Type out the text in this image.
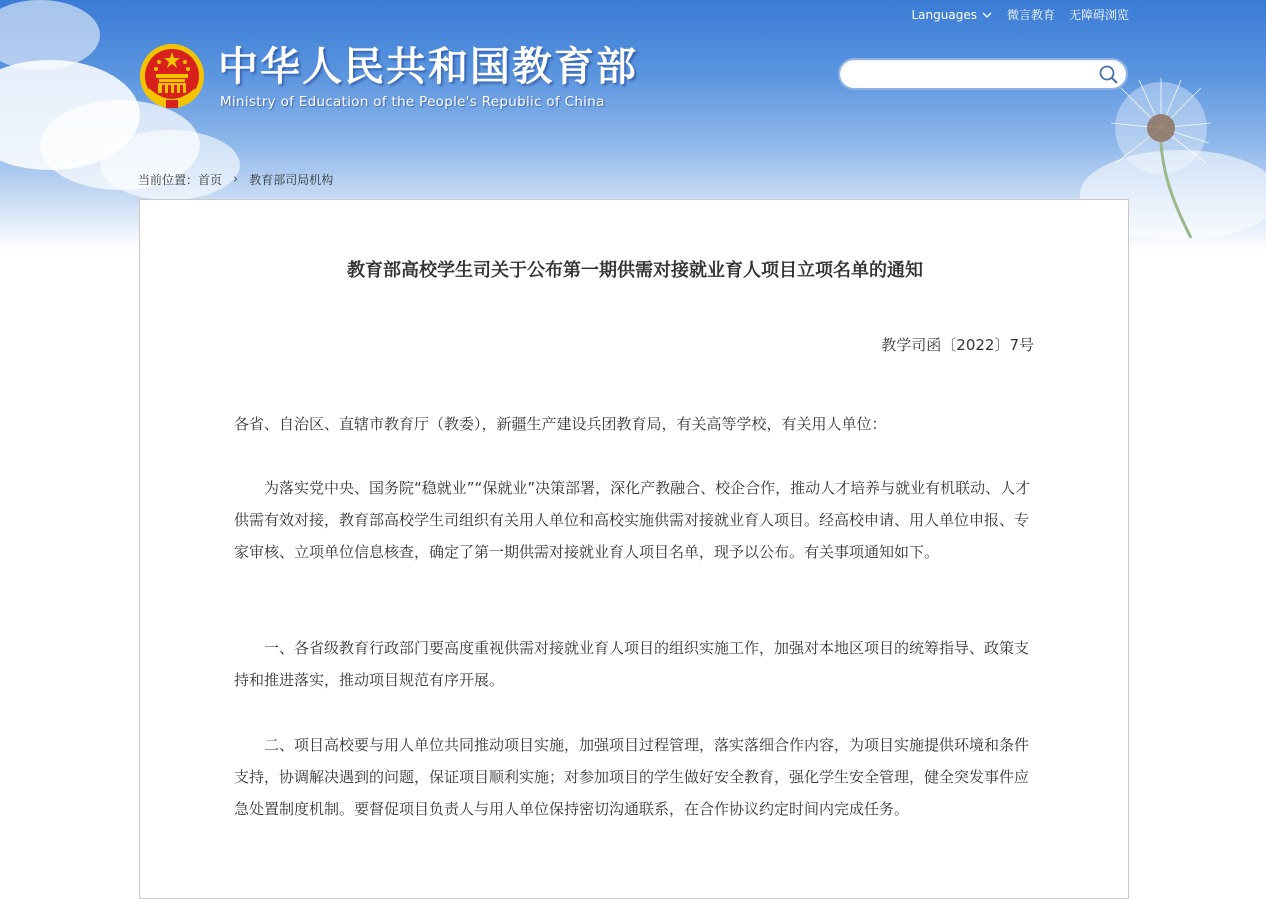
Languages	微言教育 无障碍浏览
中华人民共和国教育部
Ministry of Education of the People's Republic of China
当前位置： 首页 › 教育部司局机构
教育部高校学生司关于公布第一期供需对接就业育人项目立项名单的通知
教学司函〔2022〕7号

各省、自治区、直辖市教育厅（教委），新疆生产建设兵团教育局，有关高等学校，有关用人单位：

为落实党中央、国务院“稳就业”“保就业”决策部署，深化产教融合、校企合作，推动人才培养与就业有机联动、人才供需有效对接，教育部高校学生司组织有关用人单位和高校实施供需对接就业育人项目。经高校申请、用人单位申报、专家审核、立项单位信息核查，确定了第一期供需对接就业育人项目名单，现予以公布。有关事项通知如下。

一、各省级教育行政部门要高度重视供需对接就业育人项目的组织实施工作，加强对本地区项目的统筹指导、政策支持和推进落实，推动项目规范有序开展。

二、项目高校要与用人单位共同推动项目实施，加强项目过程管理，落实落细合作内容，为项目实施提供环境和条件支持，协调解决遇到的问题，保证项目顺利实施；对参加项目的学生做好安全教育，强化学生安全管理，健全突发事件应急处置制度机制。要督促项目负责人与用人单位保持密切沟通联系，在合作协议约定时间内完成任务。
